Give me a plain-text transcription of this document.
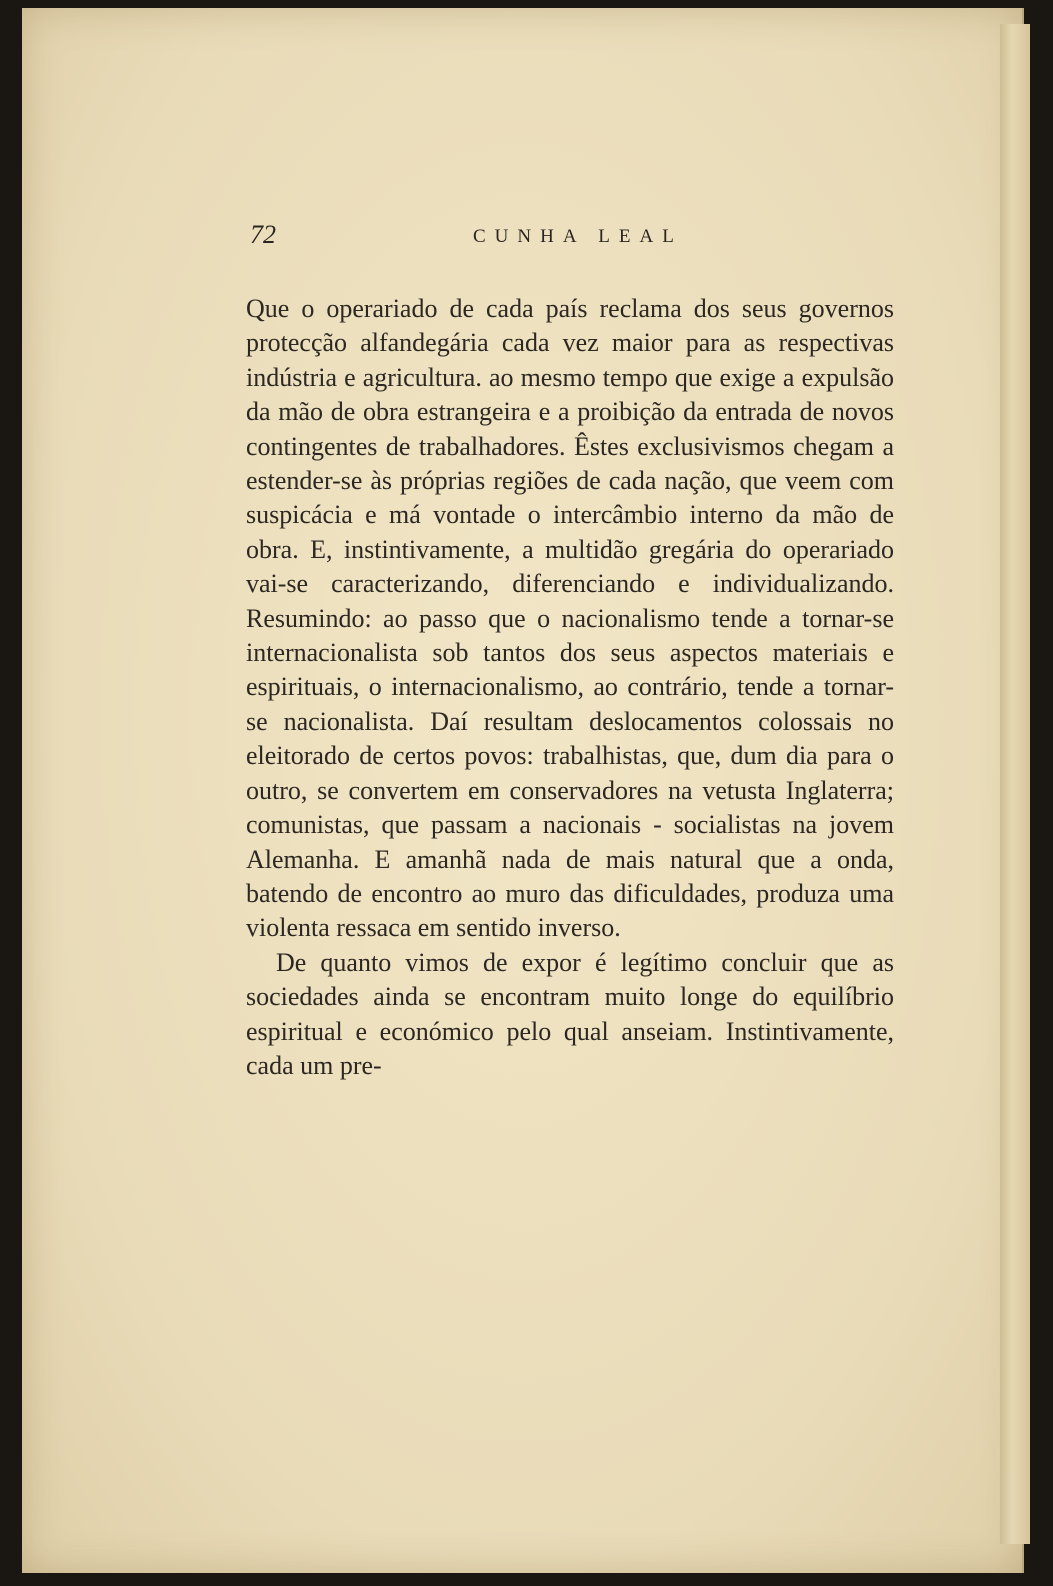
72	CUNHA LEAL

Que o operariado de cada país reclama dos seus governos protecção alfandegária cada vez maior para as respectivas indústria e agricultura. ao mesmo tempo que exige a expulsão da mão de obra estrangeira e a proibição da entrada de novos contingentes de trabalhadores. Êstes exclusivismos chegam a estender-se às próprias regiões de cada nação, que veem com suspicácia e má vontade o intercâmbio interno da mão de obra. E, instintivamente, a multidão gregária do operariado vai-se caracterizando, diferenciando e individualizando. Resumindo: ao passo que o nacionalismo tende a tornar-se internacionalista sob tantos dos seus aspectos materiais e espirituais, o internacionalismo, ao contrário, tende a tornar-se nacionalista. Daí resultam deslocamentos colossais no eleitorado de certos povos: trabalhistas, que, dum dia para o outro, se convertem em conservadores na vetusta Inglaterra; comunistas, que passam a nacionais - socialistas na jovem Alemanha. E amanhã nada de mais natural que a onda, batendo de encontro ao muro das dificuldades, produza uma violenta ressaca em sentido inverso.

De quanto vimos de expor é legítimo concluir que as sociedades ainda se encontram muito longe do equilíbrio espiritual e económico pelo qual anseiam. Instintivamente, cada um pre-
